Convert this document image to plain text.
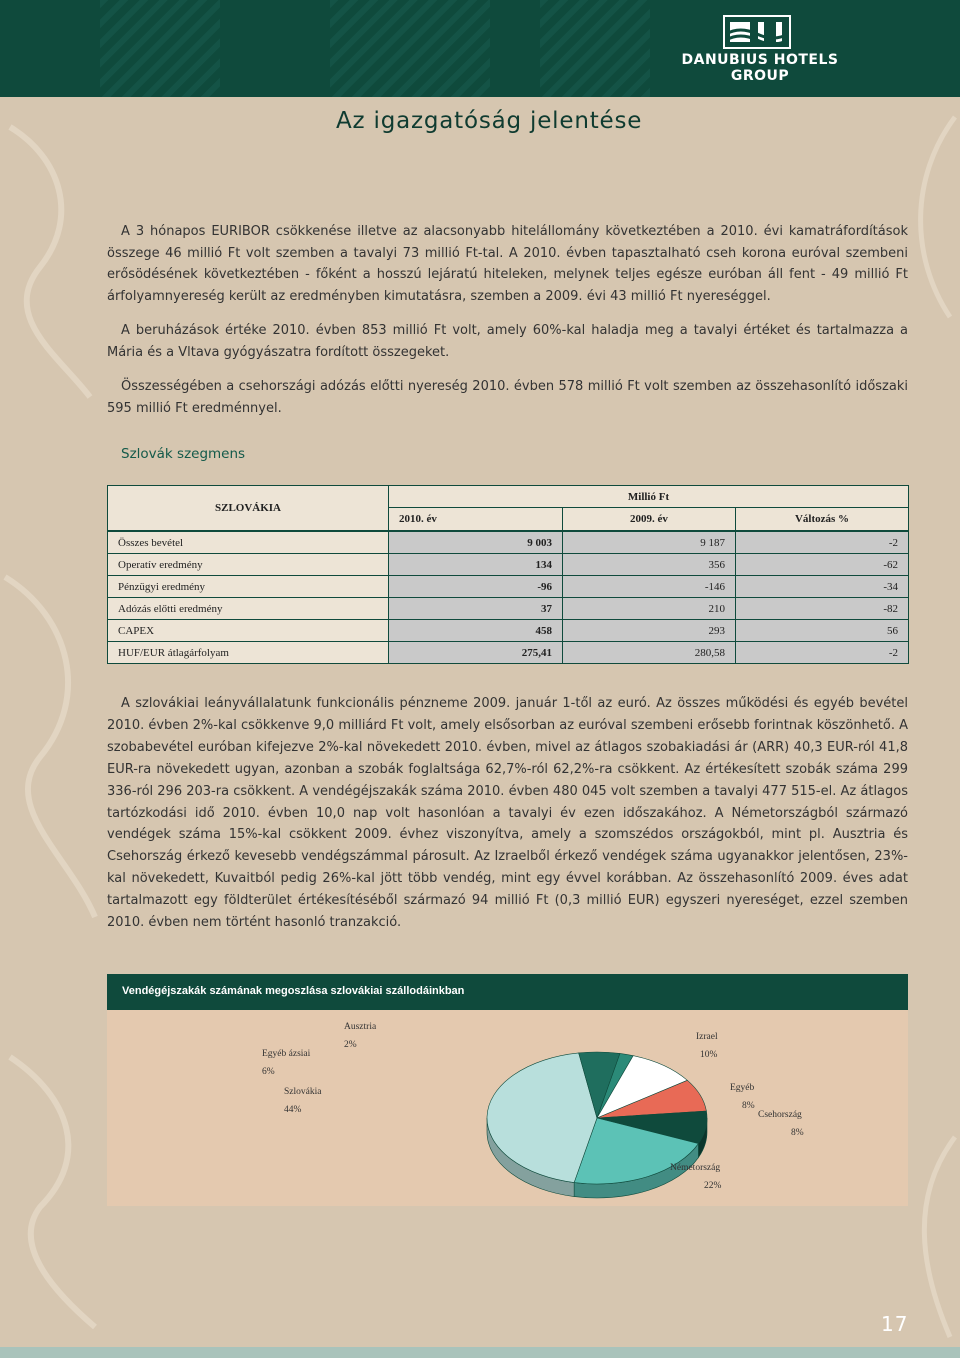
DANUBIUS HOTELS
GROUP
Az igazgatóság jelentése
A 3 hónapos EURIBOR csökkenése illetve az alacsonyabb hitelállomány következtében a 2010. évi kamatráfordítások összege 46 millió Ft volt szemben a tavalyi 73 millió Ft-tal. A 2010. évben tapasztalható cseh korona euróval szembeni erősödésének következtében - főként a hosszú lejáratú hiteleken, melynek teljes egésze euróban áll fent - 49 millió Ft árfolyamnyereség került az eredményben kimutatásra, szemben a 2009. évi 43 millió Ft nyereséggel.
A beruházások értéke 2010. évben 853 millió Ft volt, amely 60%-kal haladja meg a tavalyi értéket és tartalmazza a Mária és a Vltava gyógyászatra fordított összegeket.
Összességében a csehországi adózás előtti nyereség 2010. évben 578 millió Ft volt szemben az összehasonlító időszaki 595 millió Ft eredménnyel.
Szlovák szegmens
SZLOVÁKIA	Millió Ft		
	2010. év	2009. év	Változás %
Összes bevétel	9 003	9 187	-2
Operatív eredmény	134	356	-62
Pénzügyi eredmény	-96	-146	-34
Adózás előtti eredmény	37	210	-82
CAPEX	458	293	56
HUF/EUR átlagárfolyam	275,41	280,58	-2
A szlovákiai leányvállalatunk funkcionális pénzneme 2009. január 1-től az euró. Az összes működési és egyéb bevétel 2010. évben 2%-kal csökkenve 9,0 milliárd Ft volt, amely elsősorban az euróval szembeni erősebb forintnak köszönhető. A szobabevétel euróban kifejezve 2%-kal növekedett 2010. évben, mivel az átlagos szobakiadási ár (ARR) 40,3 EUR-ról 41,8 EUR-ra növekedett ugyan, azonban a szobák foglaltsága 62,7%-ról 62,2%-ra csökkent. Az értékesített szobák száma 299 336-ról 296 203-ra csökkent. A vendégéjszakák száma 2010. évben 480 045 volt szemben a tavalyi 477 515-el. Az átlagos tartózkodási idő 2010. évben 10,0 nap volt hasonlóan a tavalyi év ezen időszakához. A Németországból származó vendégek száma 15%-kal csökkent 2009. évhez viszonyítva, amely a szomszédos országokból, mint pl. Ausztria és Csehország érkező kevesebb vendégszámmal párosult. Az Izraelből érkező vendégek száma ugyanakkor jelentősen, 23%-kal növekedett, Kuvaitból pedig 26%-kal jött több vendég, mint egy évvel korábban. Az összehasonlító 2009. éves adat tartalmazott egy földterület értékesítéséből származó 94 millió Ft (0,3 millió EUR) egyszeri nyereséget, ezzel szemben 2010. évben nem történt hasonló tranzakció.
Vendégéjszakák számának megoszlása szlovákiai szállodáinkban
Ausztria
2%
Izrael
10%
Egyéb
8%
Csehország
8%
Németország
22%
Szlovákia
44%
Egyéb ázsiai
6%
17
